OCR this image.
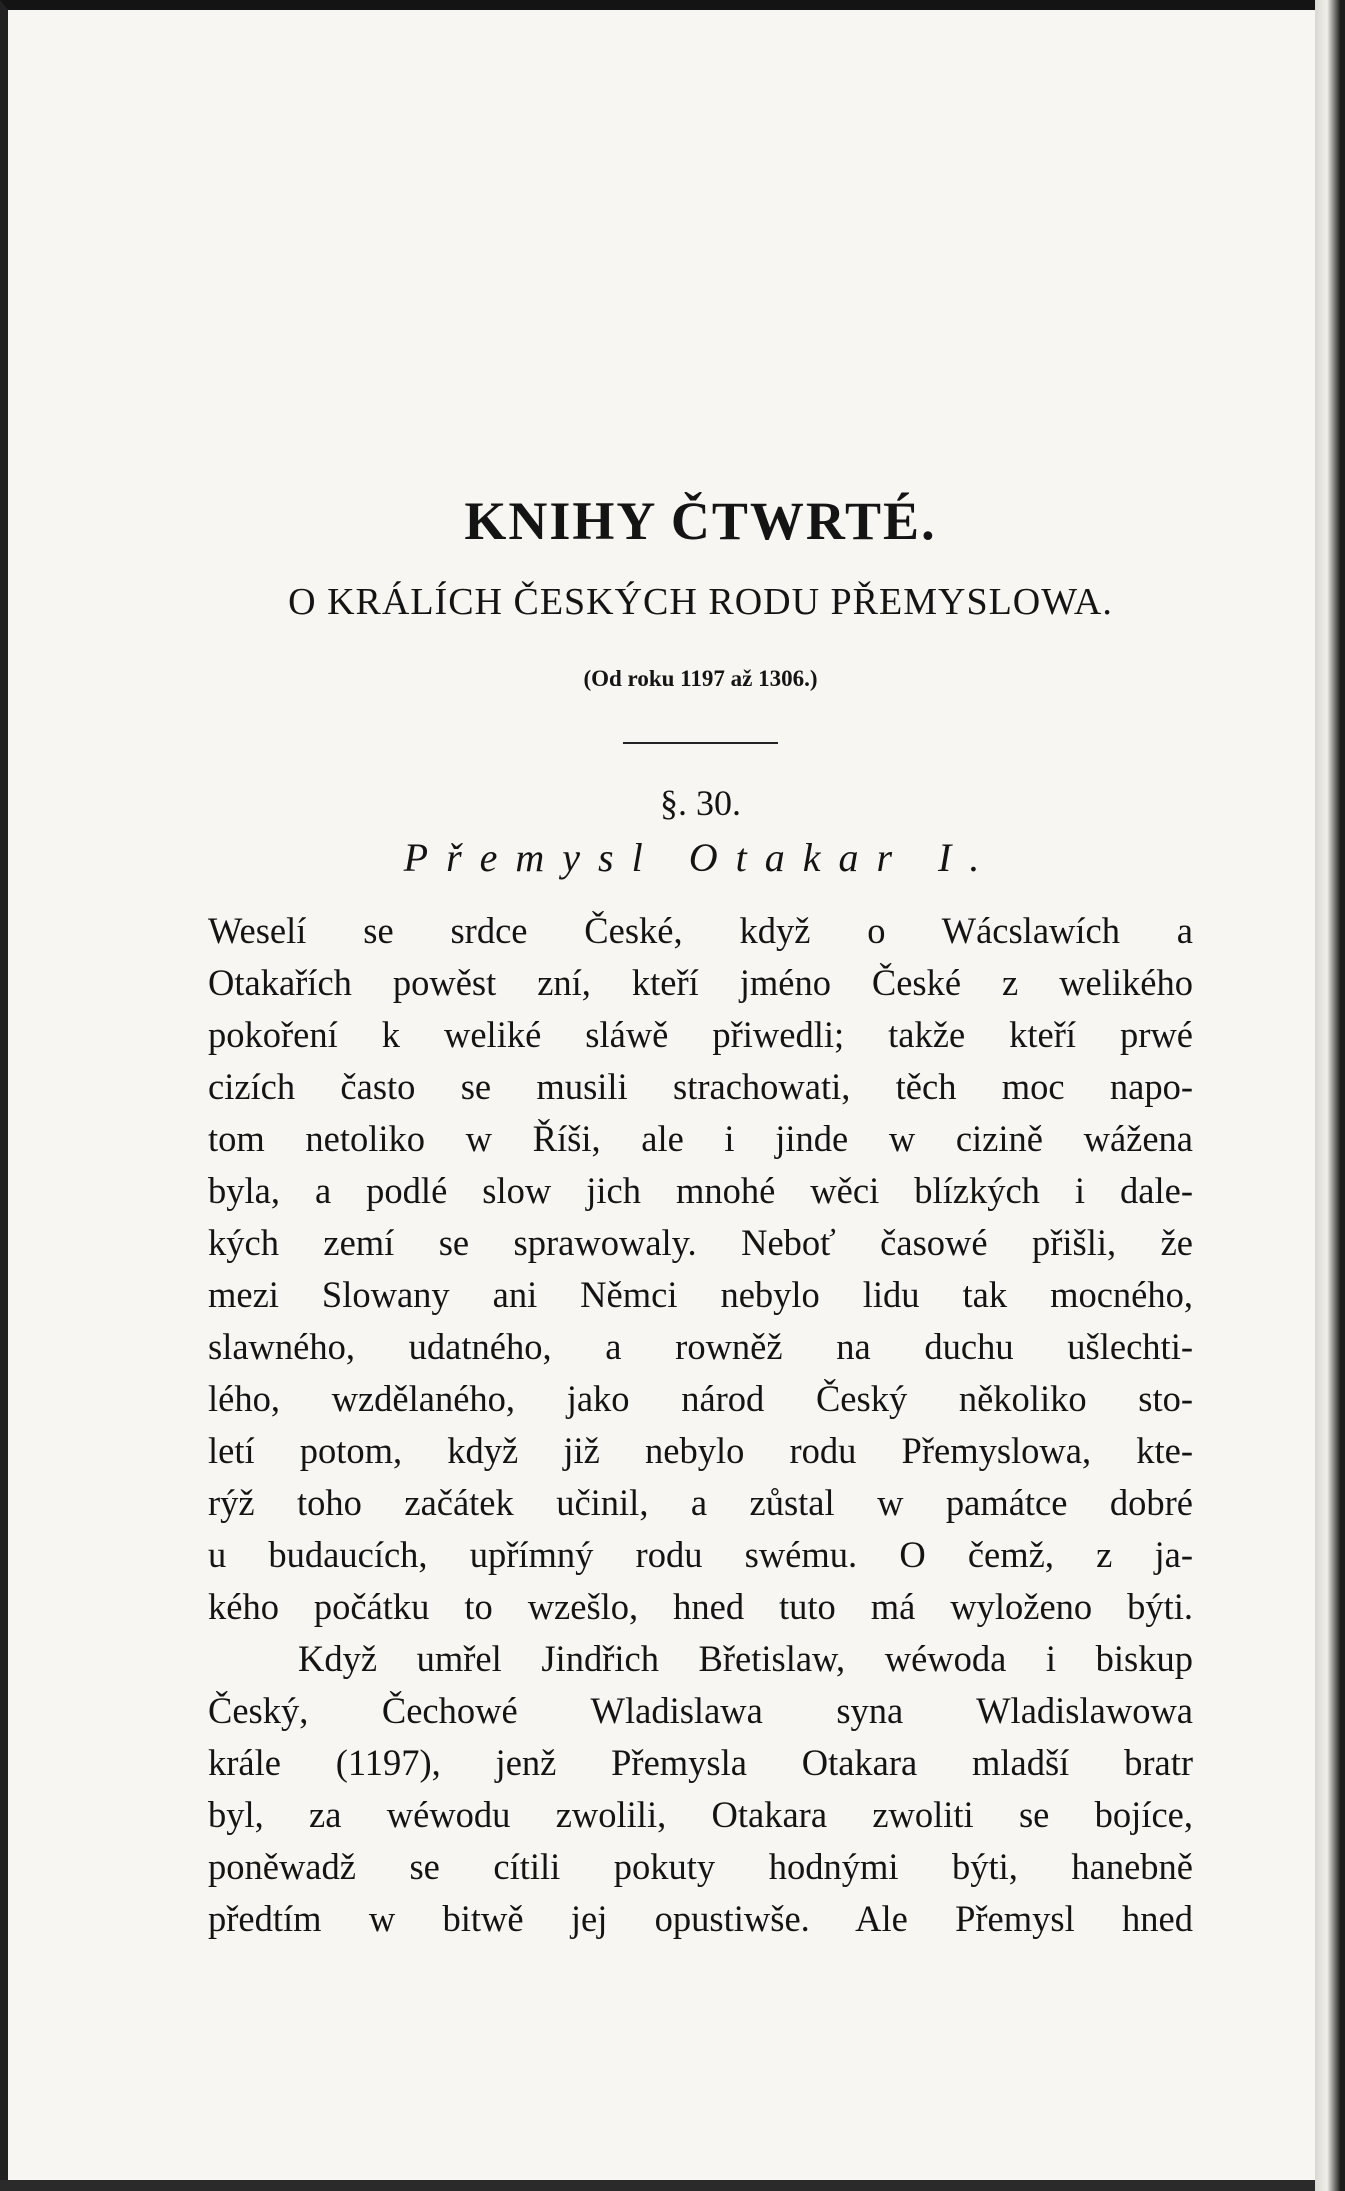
KNIHY ČTWRTÉ.
O KRÁLÍCH ČESKÝCH RODU PŘEMYSLOWA.
(Od roku 1197 až 1306.)
§. 30.
Přemysl Otakar I.
Weselí se srdce České, když o Wácslawích a
Otakařích powěst zní, kteří jméno České z welikého
pokoření k weliké sláwě přiwedli; takže kteří prwé
cizích často se musili strachowati, těch moc napo-
tom netoliko w Říši, ale i jinde w cizině wážena
byla, a podlé slow jich mnohé wěci blízkých i dale-
kých zemí se sprawowaly. Neboť časowé přišli, že
mezi Slowany ani Němci nebylo lidu tak mocného,
slawného, udatného, a rowněž na duchu ušlechti-
lého, wzdělaného, jako národ Český několiko sto-
letí potom, když již nebylo rodu Přemyslowa, kte-
rýž toho začátek učinil, a zůstal w památce dobré
u budaucích, upřímný rodu swému. O čemž, z ja-
kého počátku to wzešlo, hned tuto má wyloženo býti.
Když umřel Jindřich Břetislaw, wéwoda i biskup
Český, Čechowé Wladislawa syna Wladislawowa
krále (1197), jenž Přemysla Otakara mladší bratr
byl, za wéwodu zwolili, Otakara zwoliti se bojíce,
poněwadž se cítili pokuty hodnými býti, hanebně
předtím w bitwě jej opustiwše. Ale Přemysl hned
